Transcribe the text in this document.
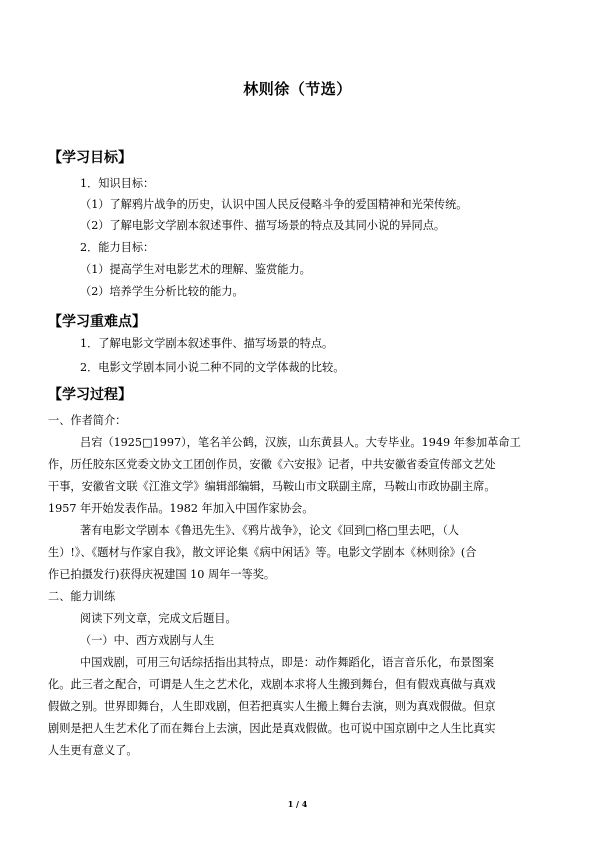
林则徐（节选）
【学习目标】
1．知识目标：
（1）了解鸦片战争的历史，认识中国人民反侵略斗争的爱国精神和光荣传统。
（2）了解电影文学剧本叙述事件、描写场景的特点及其同小说的异同点。
2．能力目标：
（1）提高学生对电影艺术的理解、鉴赏能力。
（2）培养学生分析比较的能力。
【学习重难点】
1．了解电影文学剧本叙述事件、描写场景的特点。
2．电影文学剧本同小说二种不同的文学体裁的比较。
【学习过程】
一、作者简介：
吕宕（1925□1997），笔名羊公鹤，汉族，山东黄县人。大专毕业。1949 年参加革命工
作，历任胶东区党委文协文工团创作员，安徽《六安报》记者，中共安徽省委宣传部文艺处
干事，安徽省文联《江淮文学》编辑部编辑，马鞍山市文联副主席，马鞍山市政协副主席。
1957 年开始发表作品。1982 年加入中国作家协会。
著有电影文学剧本《鲁迅先生》、《鸦片战争》，论文《回到□格□里去吧，（人
生）!》、《题材与作家自我》，散文评论集《病中闲话》等。电影文学剧本《林则徐》(合
作已拍摄发行)获得庆祝建国 10 周年一等奖。
二、能力训练
阅读下列文章，完成文后题目。
（一）中、西方戏剧与人生
中国戏剧，可用三句话综括指出其特点，即是：动作舞蹈化，语言音乐化，布景图案
化。此三者之配合，可谓是人生之艺术化，戏剧本求将人生搬到舞台，但有假戏真做与真戏
假做之别。世界即舞台，人生即戏剧，但若把真实人生搬上舞台去演，则为真戏假做。但京
剧则是把人生艺术化了而在舞台上去演，因此是真戏假做。也可说中国京剧中之人生比真实
人生更有意义了。
1 / 4
